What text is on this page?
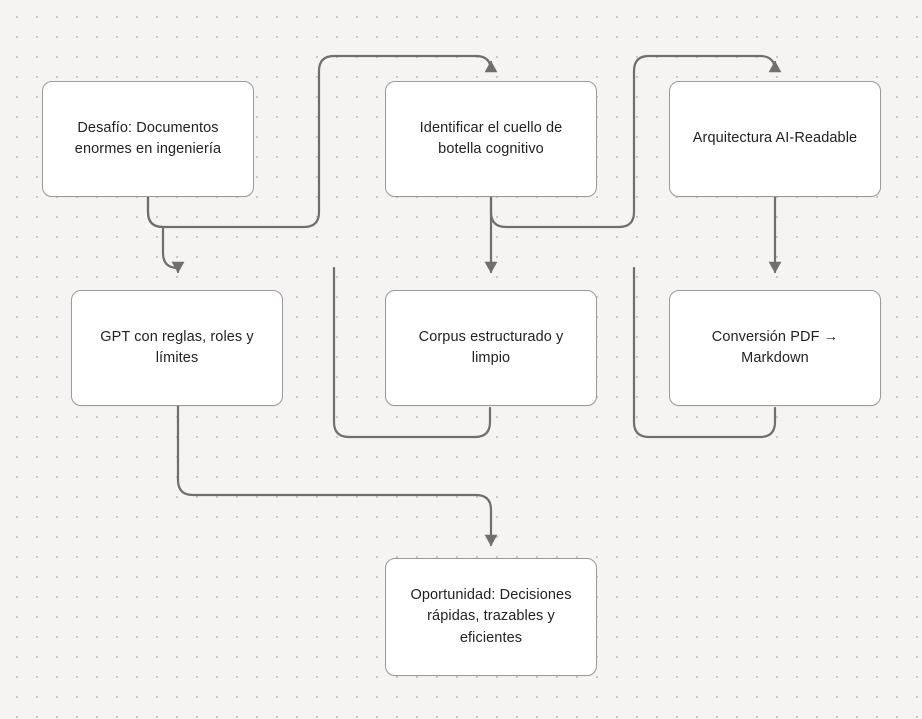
Desafío: Documentos enormes en ingeniería
Identificar el cuello de botella cognitivo
Arquitectura AI-Readable
GPT con reglas, roles y límites
Corpus estructurado y limpio
Conversión PDF → Markdown
Oportunidad: Decisiones rápidas, trazables y eficientes
